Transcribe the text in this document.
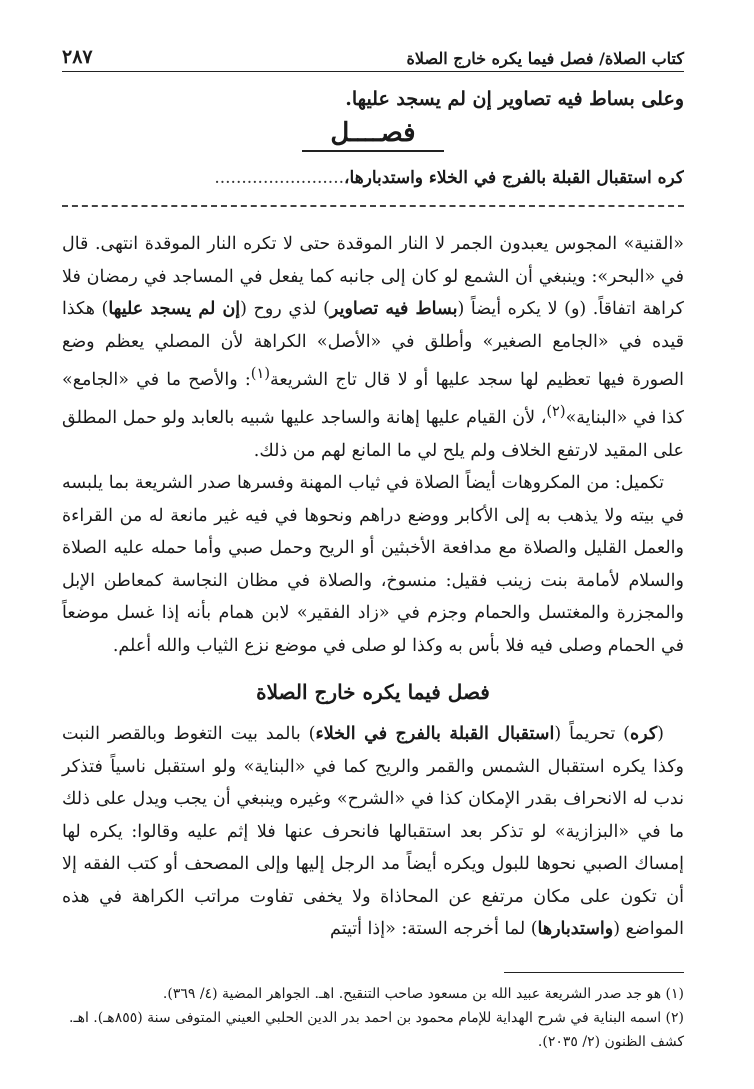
كتاب الصلاة/ فصل فيما يكره خارج الصلاة
٢٨٧
وعلى بساط فيه تصاوير إن لم يسجد عليها.
فصــــل
كره استقبال القبلة بالفرج في الخلاء واستدبارها،........................

«القنية» المجوس يعبدون الجمر لا النار الموقدة حتى لا تكره النار الموقدة انتهى. قال في «البحر»: وينبغي أن الشمع لو كان إلى جانبه كما يفعل في المساجد في رمضان فلا كراهة اتفاقاً. (و) لا يكره أيضاً (بساط فيه تصاوير) لذي روح (إن لم يسجد عليها) هكذا قيده في «الجامع الصغير» وأطلق في «الأصل» الكراهة لأن المصلي يعظم وضع الصورة فيها تعظيم لها سجد عليها أو لا قال تاج الشريعة$^{(١)}$: والأصح ما في «الجامع» كذا في «البناية»$^{(٢)}$، لأن القيام عليها إهانة والساجد عليها شبيه بالعابد ولو حمل المطلق على المقيد لارتفع الخلاف ولم يلح لي ما المانع لهم من ذلك.

تكميل: من المكروهات أيضاً الصلاة في ثياب المهنة وفسرها صدر الشريعة بما يلبسه في بيته ولا يذهب به إلى الأكابر ووضع دراهم ونحوها في فيه غير مانعة له من القراءة والعمل القليل والصلاة مع مدافعة الأخبثين أو الريح وحمل صبي وأما حمله عليه الصلاة والسلام لأمامة بنت زينب فقيل: منسوخ، والصلاة في مظان النجاسة كمعاطن الإبل والمجزرة والمغتسل والحمام وجزم في «زاد الفقير» لابن همام بأنه إذا غسل موضعاً في الحمام وصلى فيه فلا بأس به وكذا لو صلى في موضع نزع الثياب والله أعلم.

فصل فيما يكره خارج الصلاة

(كره) تحريماً (استقبال القبلة بالفرج في الخلاء) بالمد بيت التغوط وبالقصر النبت وكذا يكره استقبال الشمس والقمر والريح كما في «البناية» ولو استقبل ناسياً فتذكر ندب له الانحراف بقدر الإمكان كذا في «الشرح» وغيره وينبغي أن يجب ويدل على ذلك ما في «البزازية» لو تذكر بعد استقبالها فانحرف عنها فلا إثم عليه وقالوا: يكره لها إمساك الصبي نحوها للبول ويكره أيضاً مد الرجل إليها وإلى المصحف أو كتب الفقه إلا أن تكون على مكان مرتفع عن المحاذاة ولا يخفى تفاوت مراتب الكراهة في هذه المواضع (واستدبارها) لما أخرجه الستة: «إذا أتيتم

(١) هو جد صدر الشريعة عبيد الله بن مسعود صاحب التنقيح. اهـ. الجواهر المضية (٤/ ٣٦٩).
(٢) اسمه البناية في شرح الهداية للإمام محمود بن احمد بدر الدين الحلبي العيني المتوفى سنة (٨٥٥هـ). اهـ. كشف الظنون (٢/ ٢٠٣٥).
